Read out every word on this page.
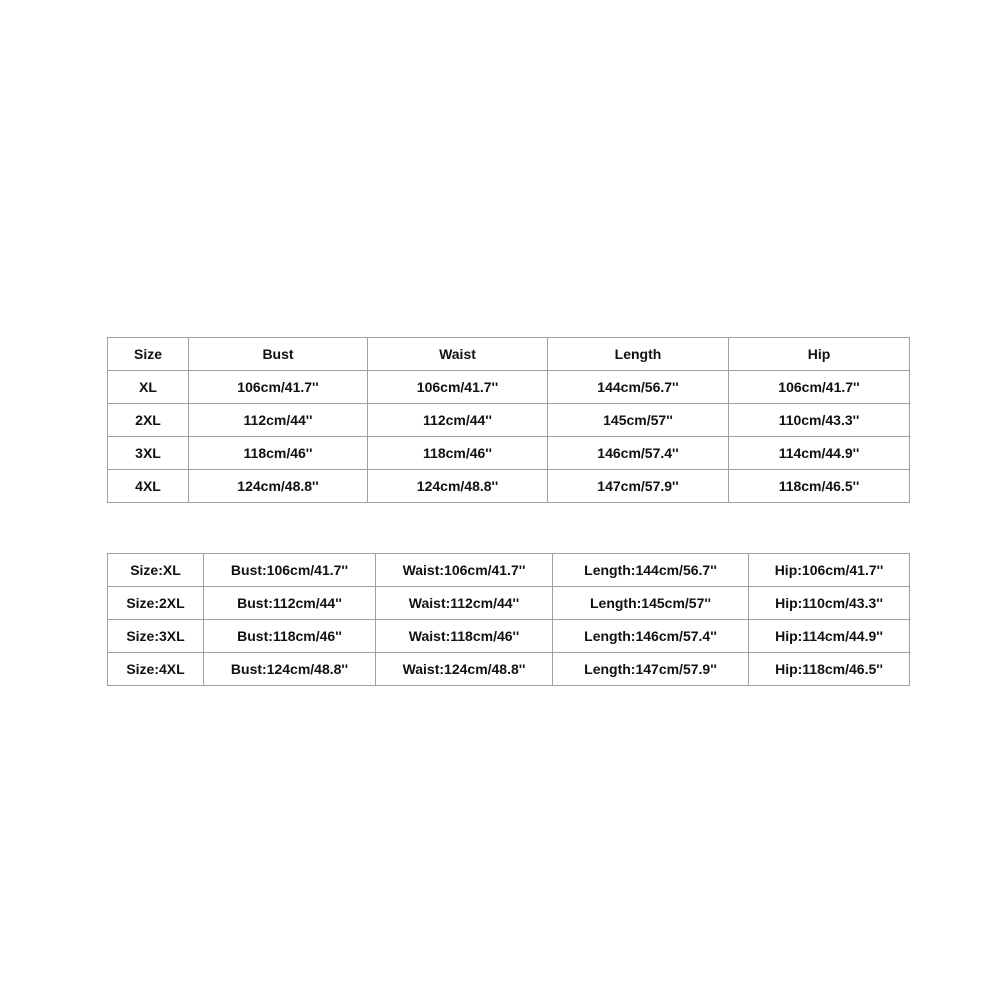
Size	Bust	Waist	Length	Hip
XL	106cm/41.7''	106cm/41.7''	144cm/56.7''	106cm/41.7''
2XL	112cm/44''	112cm/44''	145cm/57''	110cm/43.3''
3XL	118cm/46''	118cm/46''	146cm/57.4''	114cm/44.9''
4XL	124cm/48.8''	124cm/48.8''	147cm/57.9''	118cm/46.5''
Size:XL	Bust:106cm/41.7''	Waist:106cm/41.7''	Length:144cm/56.7''	Hip:106cm/41.7''
Size:2XL	Bust:112cm/44''	Waist:112cm/44''	Length:145cm/57''	Hip:110cm/43.3''
Size:3XL	Bust:118cm/46''	Waist:118cm/46''	Length:146cm/57.4''	Hip:114cm/44.9''
Size:4XL	Bust:124cm/48.8''	Waist:124cm/48.8''	Length:147cm/57.9''	Hip:118cm/46.5''
